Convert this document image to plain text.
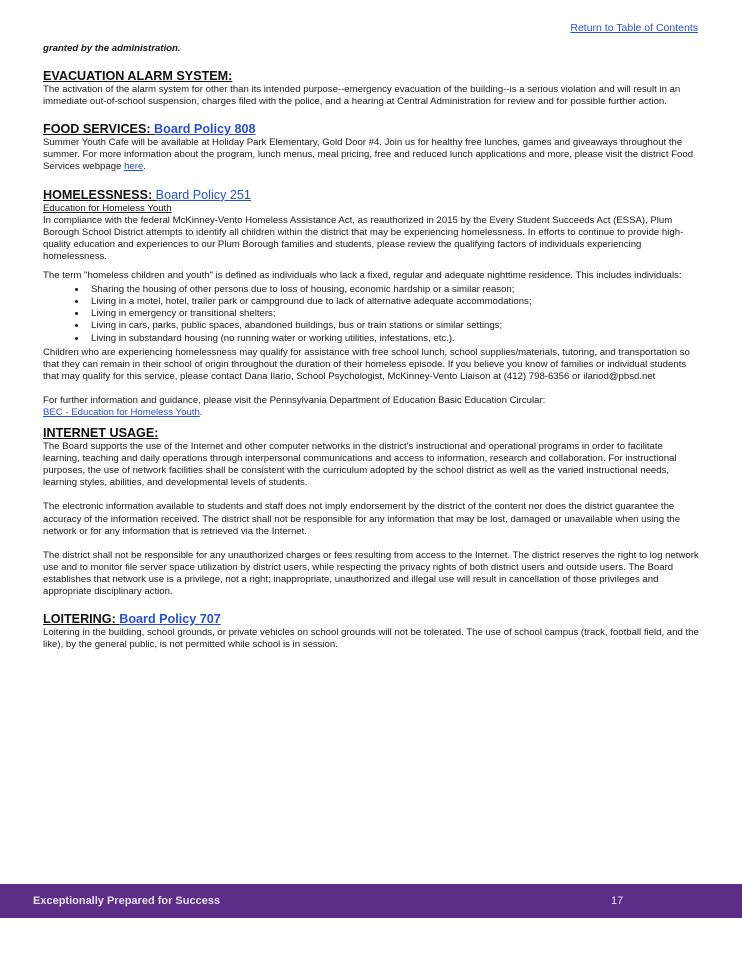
Return to Table of Contents

granted by the administration.

EVACUATION ALARM SYSTEM:

The activation of the alarm system for other than its intended purpose--emergency evacuation of the building--is a serious violation and will result in an immediate out-of-school suspension, charges filed with the police, and a hearing at Central Administration for review and for possible further action.

FOOD SERVICES: Board Policy 808

Summer Youth Cafe will be available at Holiday Park Elementary, Gold Door #4. Join us for healthy free lunches, games and giveaways throughout the summer. For more information about the program, lunch menus, meal pricing, free and reduced lunch applications and more, please visit the district Food Services webpage here.

HOMELESSNESS: Board Policy 251

Education for Homeless Youth

In compliance with the federal McKinney-Vento Homeless Assistance Act, as reauthorized in 2015 by the Every Student Succeeds Act (ESSA), Plum Borough School District attempts to identify all children within the district that may be experiencing homelessness. In efforts to continue to provide high-quality education and experiences to our Plum Borough families and students, please review the qualifying factors of individuals experiencing homelessness.

The term "homeless children and youth" is defined as individuals who lack a fixed, regular and adequate nighttime residence. This includes individuals:

• Sharing the housing of other persons due to loss of housing, economic hardship or a similar reason;
• Living in a motel, hotel, trailer park or campground due to lack of alternative adequate accommodations;
• Living in emergency or transitional shelters;
• Living in cars, parks, public spaces, abandoned buildings, bus or train stations or similar settings;
• Living in substandard housing (no running water or working utilities, infestations, etc.).

Children who are experiencing homelessness may qualify for assistance with free school lunch, school supplies/materials, tutoring, and transportation so that they can remain in their school of origin throughout the duration of their homeless episode. If you believe you know of families or individual students that may qualify for this service, please contact Dana Ilario, School Psychologist, McKinney-Vento Liaison at (412) 798-6356 or ilariod@pbsd.net

For further information and guidance, please visit the Pennsylvania Department of Education Basic Education Circular:
BEC - Education for Homeless Youth.

INTERNET USAGE:

The Board supports the use of the Internet and other computer networks in the district's instructional and operational programs in order to facilitate learning, teaching and daily operations through interpersonal communications and access to information, research and collaboration. For instructional purposes, the use of network facilities shall be consistent with the curriculum adopted by the school district as well as the varied instructional needs, learning styles, abilities, and developmental levels of students.

The electronic information available to students and staff does not imply endorsement by the district of the content nor does the district guarantee the accuracy of the information received. The district shall not be responsible for any information that may be lost, damaged or unavailable when using the network or for any information that is retrieved via the Internet.

The district shall not be responsible for any unauthorized charges or fees resulting from access to the Internet. The district reserves the right to log network use and to monitor file server space utilization by district users, while respecting the privacy rights of both district users and outside users. The Board establishes that network use is a privilege, not a right; inappropriate, unauthorized and illegal use will result in cancellation of those privileges and appropriate disciplinary action.

LOITERING: Board Policy 707

Loitering in the building, school grounds, or private vehicles on school grounds will not be tolerated. The use of school campus (track, football field, and the like), by the general public, is not permitted while school is in session.

Exceptionally Prepared for Success	17
